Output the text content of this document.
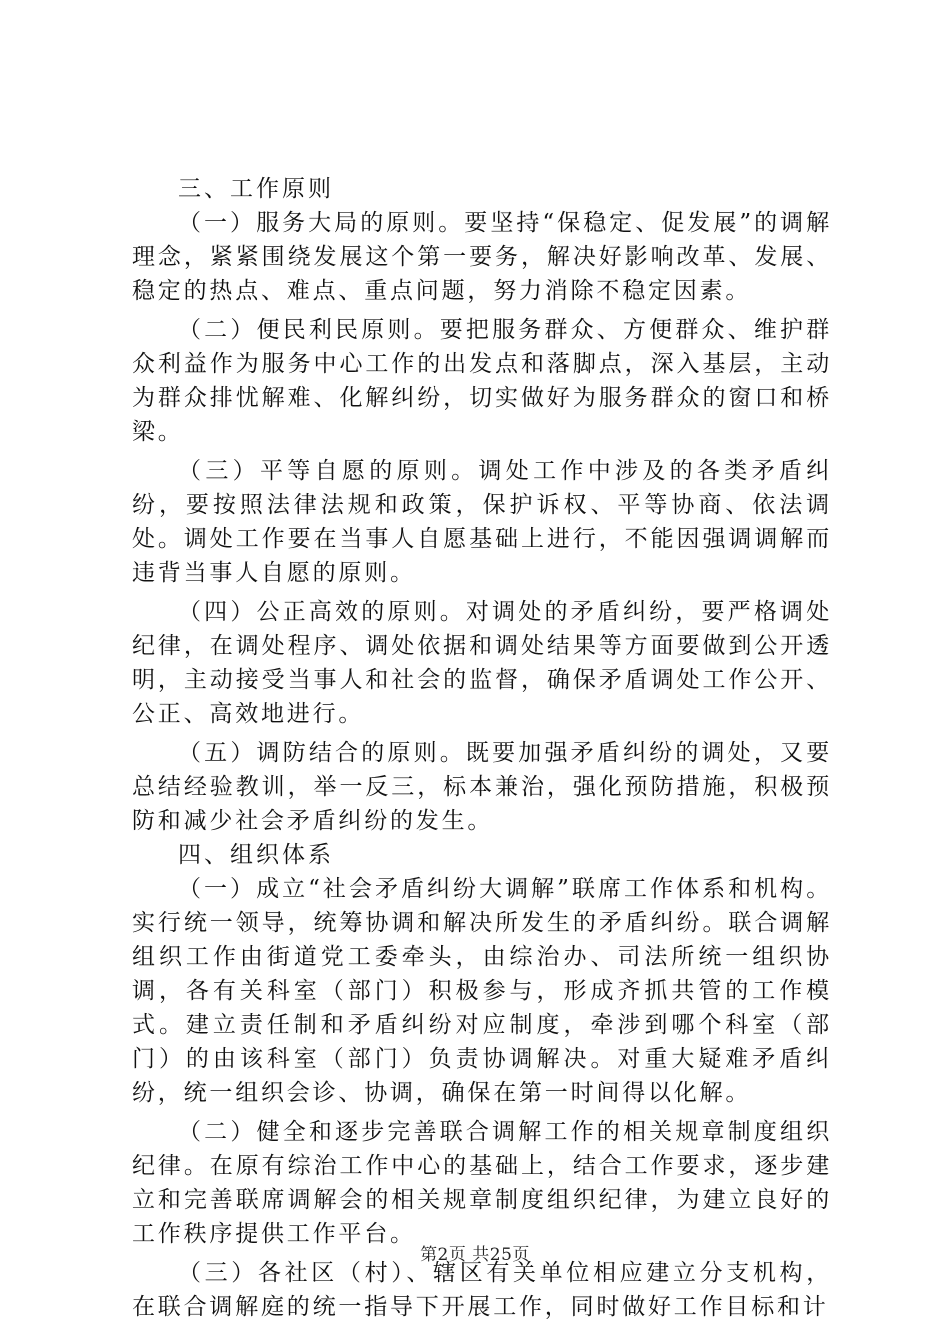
三、工作原则

（一）服务大局的原则。要坚持“保稳定、促发展”的调解理念，紧紧围绕发展这个第一要务，解决好影响改革、发展、稳定的热点、难点、重点问题，努力消除不稳定因素。

（二）便民利民原则。要把服务群众、方便群众、维护群众利益作为服务中心工作的出发点和落脚点，深入基层，主动为群众排忧解难、化解纠纷，切实做好为服务群众的窗口和桥梁。

（三）平等自愿的原则。调处工作中涉及的各类矛盾纠纷，要按照法律法规和政策，保护诉权、平等协商、依法调处。调处工作要在当事人自愿基础上进行，不能因强调调解而违背当事人自愿的原则。

（四）公正高效的原则。对调处的矛盾纠纷，要严格调处纪律，在调处程序、调处依据和调处结果等方面要做到公开透明，主动接受当事人和社会的监督，确保矛盾调处工作公开、公正、高效地进行。

（五）调防结合的原则。既要加强矛盾纠纷的调处，又要总结经验教训，举一反三，标本兼治，强化预防措施，积极预防和减少社会矛盾纠纷的发生。

四、组织体系

（一）成立“社会矛盾纠纷大调解”联席工作体系和机构。实行统一领导，统筹协调和解决所发生的矛盾纠纷。联合调解组织工作由街道党工委牵头，由综治办、司法所统一组织协调，各有关科室（部门）积极参与，形成齐抓共管的工作模式。建立责任制和矛盾纠纷对应制度，牵涉到哪个科室（部门）的由该科室（部门）负责协调解决。对重大疑难矛盾纠纷，统一组织会诊、协调，确保在第一时间得以化解。

（二）健全和逐步完善联合调解工作的相关规章制度组织纪律。在原有综治工作中心的基础上，结合工作要求，逐步建立和完善联席调解会的相关规章制度组织纪律，为建立良好的工作秩序提供工作平台。

（三）各社区（村）、辖区有关单位相应建立分支机构，在联合调解庭的统一指导下开展工作，同时做好工作目标和计

第2页 共25页
